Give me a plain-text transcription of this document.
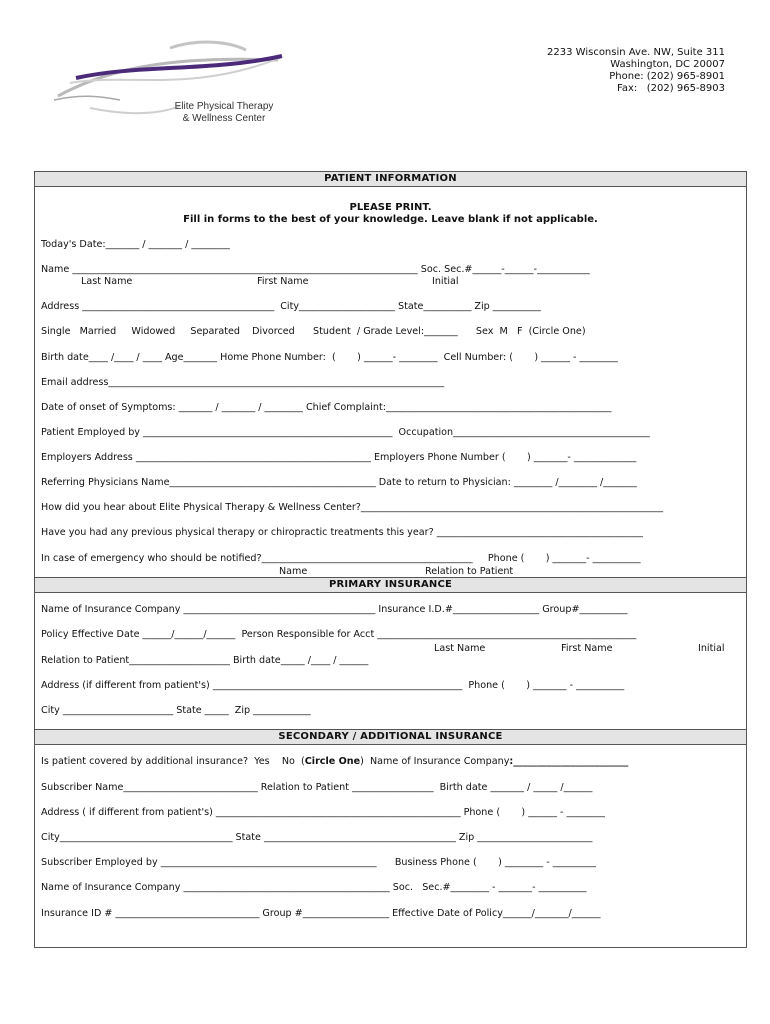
Elite Physical Therapy
& Wellness Center
2233 Wisconsin Ave. NW, Suite 311
Washington, DC 20007
Phone: (202) 965-8901
Fax:   (202) 965-8903
PATIENT INFORMATION
PLEASE PRINT.
Fill in forms to the best of your knowledge. Leave blank if not applicable.
Today's Date:_______ / _______ / ________
Name ________________________________________________________________________ Soc. Sec.#______-______-___________
Last Name	First Name	Initial
Address ________________________________________  City____________________ State__________ Zip __________
Single   Married     Widowed     Separated    Divorced      Student  / Grade Level:_______      Sex  M   F  (Circle One)
Birth date____ /____ / ____ Age_______ Home Phone Number:  (       ) ______- ________  Cell Number: (       ) ______ - ________
Email address______________________________________________________________________
Date of onset of Symptoms: _______ / _______ / ________ Chief Complaint:_______________________________________________
Patient Employed by ____________________________________________________  Occupation_________________________________________
Employers Address _________________________________________________ Employers Phone Number (       ) _______- _____________
Referring Physicians Name___________________________________________ Date to return to Physician: ________ /________ /_______
How did you hear about Elite Physical Therapy & Wellness Center?_______________________________________________________________
Have you had any previous physical therapy or chiropractic treatments this year? ___________________________________________
In case of emergency who should be notified?____________________________________________     Phone (       ) _______- __________
Name	Relation to Patient
PRIMARY INSURANCE
Name of Insurance Company ________________________________________ Insurance I.D.#__________________ Group#__________
Policy Effective Date ______/______/______  Person Responsible for Acct ______________________________________________________
Last Name	First Name	Initial
Relation to Patient_____________________ Birth date_____ /____ / ______
Address (if different from patient's) ____________________________________________________  Phone (       ) _______ - __________
City _______________________ State _____  Zip ____________
SECONDARY / ADDITIONAL INSURANCE
Is patient covered by additional insurance?  Yes    No  (Circle One)  Name of Insurance Company:________________________
Subscriber Name____________________________ Relation to Patient _________________  Birth date _______ / _____ /______
Address ( if different from patient's) ___________________________________________________ Phone (       ) ______ - ________
City____________________________________ State ________________________________________ Zip ________________________
Subscriber Employed by _____________________________________________      Business Phone (       ) ________ - _________
Name of Insurance Company ___________________________________________ Soc.   Sec.#________ - _______- __________
Insurance ID # ______________________________ Group #__________________ Effective Date of Policy______/_______/______
